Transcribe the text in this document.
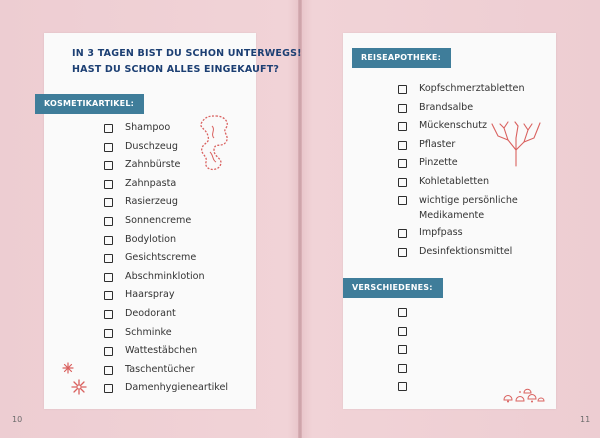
IN 3 TAGEN BIST DU SCHON UNTERWEGS!
HAST DU SCHON ALLES EINGEKAUFT?
KOSMETIKARTIKEL:
Shampoo
Duschzeug
Zahnbürste
Zahnpasta
Rasierzeug
Sonnencreme
Bodylotion
Gesichtscreme
Abschminklotion
Haarspray
Deodorant
Schminke
Wattestäbchen
Taschentücher
Damenhygieneartikel
10
REISEAPOTHEKE:
Kopfschmerztabletten
Brandsalbe
Mückenschutz
Pflaster
Pinzette
Kohletabletten
wichtige persönliche Medikamente
Impfpass
Desinfektionsmittel
VERSCHIEDENES:
11
